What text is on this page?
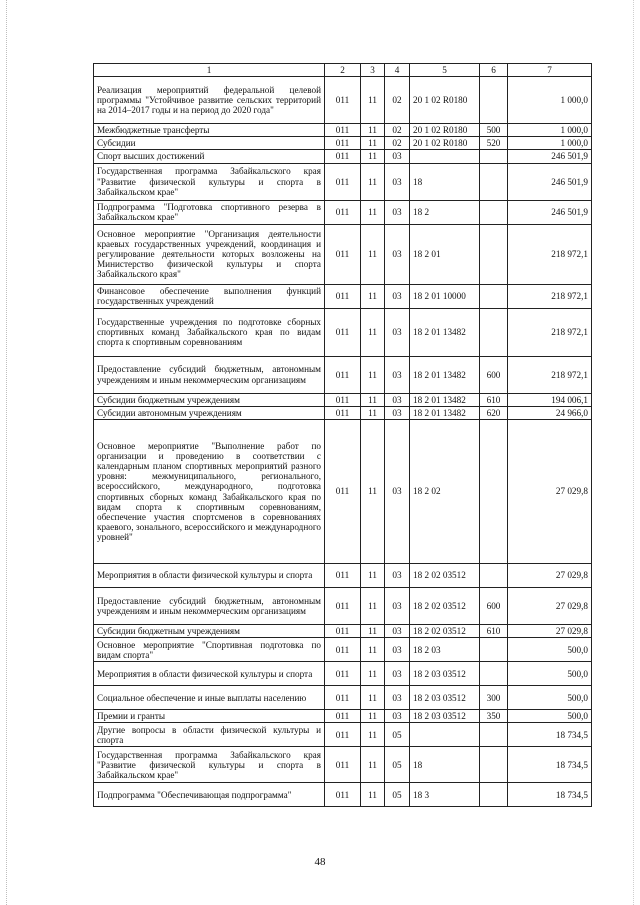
1	2	3	4	5	6	7
Реализация мероприятий федеральной целевой программы "Устойчивое развитие сельских территорий на 2014–2017 годы и на период до 2020 года"	011	11	02	20 1 02 R0180		1 000,0
Межбюджетные трансферты	011	11	02	20 1 02 R0180	500	1 000,0
Субсидии	011	11	02	20 1 02 R0180	520	1 000,0
Спорт высших достижений	011	11	03			246 501,9
Государственная программа Забайкальского края "Развитие физической культуры и спорта в Забайкальском крае"	011	11	03	18		246 501,9
Подпрограмма "Подготовка спортивного резерва в Забайкальском крае"	011	11	03	18 2		246 501,9
Основное мероприятие "Организация деятельности краевых государственных учреждений, координация и регулирование деятельности которых возложены на Министерство физической культуры и спорта Забайкальского края"	011	11	03	18 2 01		218 972,1
Финансовое обеспечение выполнения функций государственных учреждений	011	11	03	18 2 01 10000		218 972,1
Государственные учреждения по подготовке сборных спортивных команд Забайкальского края по видам спорта к спортивным соревнованиям	011	11	03	18 2 01 13482		218 972,1
Предоставление субсидий бюджетным, автономным учреждениям и иным некоммерческим организациям	011	11	03	18 2 01 13482	600	218 972,1
Субсидии бюджетным учреждениям	011	11	03	18 2 01 13482	610	194 006,1
Субсидии автономным учреждениям	011	11	03	18 2 01 13482	620	24 966,0
Основное мероприятие "Выполнение работ по организации и проведению в соответствии с календарным планом спортивных мероприятий разного уровня: межмуниципального, регионального, всероссийского, международного, подготовка спортивных сборных команд Забайкальского края по видам спорта к спортивным соревнованиям, обеспечение участия спортсменов в соревнованиях краевого, зонального, всероссийского и международного уровней"	011	11	03	18 2 02		27 029,8
Мероприятия в области физической культуры и спорта	011	11	03	18 2 02 03512		27 029,8
Предоставление субсидий бюджетным, автономным учреждениям и иным некоммерческим организациям	011	11	03	18 2 02 03512	600	27 029,8
Субсидии бюджетным учреждениям	011	11	03	18 2 02 03512	610	27 029,8
Основное мероприятие "Спортивная подготовка по видам спорта"	011	11	03	18 2 03		500,0
Мероприятия в области физической культуры и спорта	011	11	03	18 2 03 03512		500,0
Социальное обеспечение и иные выплаты населению	011	11	03	18 2 03 03512	300	500,0
Премии и гранты	011	11	03	18 2 03 03512	350	500,0
Другие вопросы в области физической культуры и спорта	011	11	05			18 734,5
Государственная программа Забайкальского края "Развитие физической культуры и спорта в Забайкальском крае"	011	11	05	18		18 734,5
Подпрограмма "Обеспечивающая подпрограмма"	011	11	05	18 3		18 734,5
48
